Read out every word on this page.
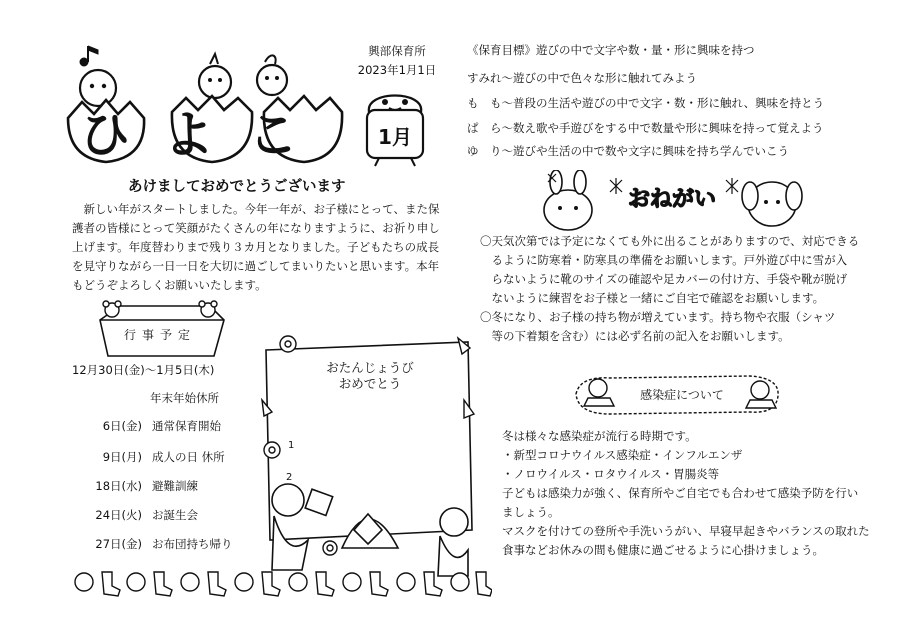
ひよこ
興部保育所
2023年1月1日
1月
《保育目標》遊びの中で文字や数・量・形に興味を持つ
すみれ～遊びの中で色々な形に触れてみよう
も　も～普段の生活や遊びの中で文字・数・形に触れ、興味を持とう
ぱ　ら～数え歌や手遊びをする中で数量や形に興味を持って覚えよう
ゆ　り～遊びや生活の中で数や文字に興味を持ち学んでいこう
あけましておめでとうございます
　新しい年がスタートしました。今年一年が、お子様にとって、また保護者の皆様にとって笑顔がたくさんの年になりますように、お祈り申し上げます。年度替わりまで残り３カ月となりました。子どもたちの成長を見守りながら一日一日を大切に過ごしてまいりたいと思います。本年もどうぞよろしくお願いいたします。
行事予定
12月30日(金)～1月5日(木)
年末年始休所
6日(金) 通常保育開始
9日(月) 成人の日 休所
18日(水) 避難訓練
24日(火) お誕生会
27日(金) お布団持ち帰り
1
2
おたんじょうび
おめでとう
おねがい
〇天気次第では予定になくても外に出ることがありますので、対応できる
　るように防寒着・防寒具の準備をお願いします。戸外遊び中に雪が入
　らないように靴のサイズの確認や足カバーの付け方、手袋や靴が脱げ
　ないように練習をお子様と一緒にご自宅で確認をお願いします。
〇冬になり、お子様の持ち物が増えています。持ち物や衣服（シャツ
　等の下着類を含む）には必ず名前の記入をお願いします。
感染症について
冬は様々な感染症が流行る時期です。
・新型コロナウイルス感染症・インフルエンザ
・ノロウイルス・ロタウイルス・胃腸炎等
子どもは感染力が強く、保育所やご自宅でも合わせて感染予防を行い
ましょう。
マスクを付けての登所や手洗いうがい、早寝早起きやバランスの取れた
食事などお休みの間も健康に過ごせるように心掛けましょう。
